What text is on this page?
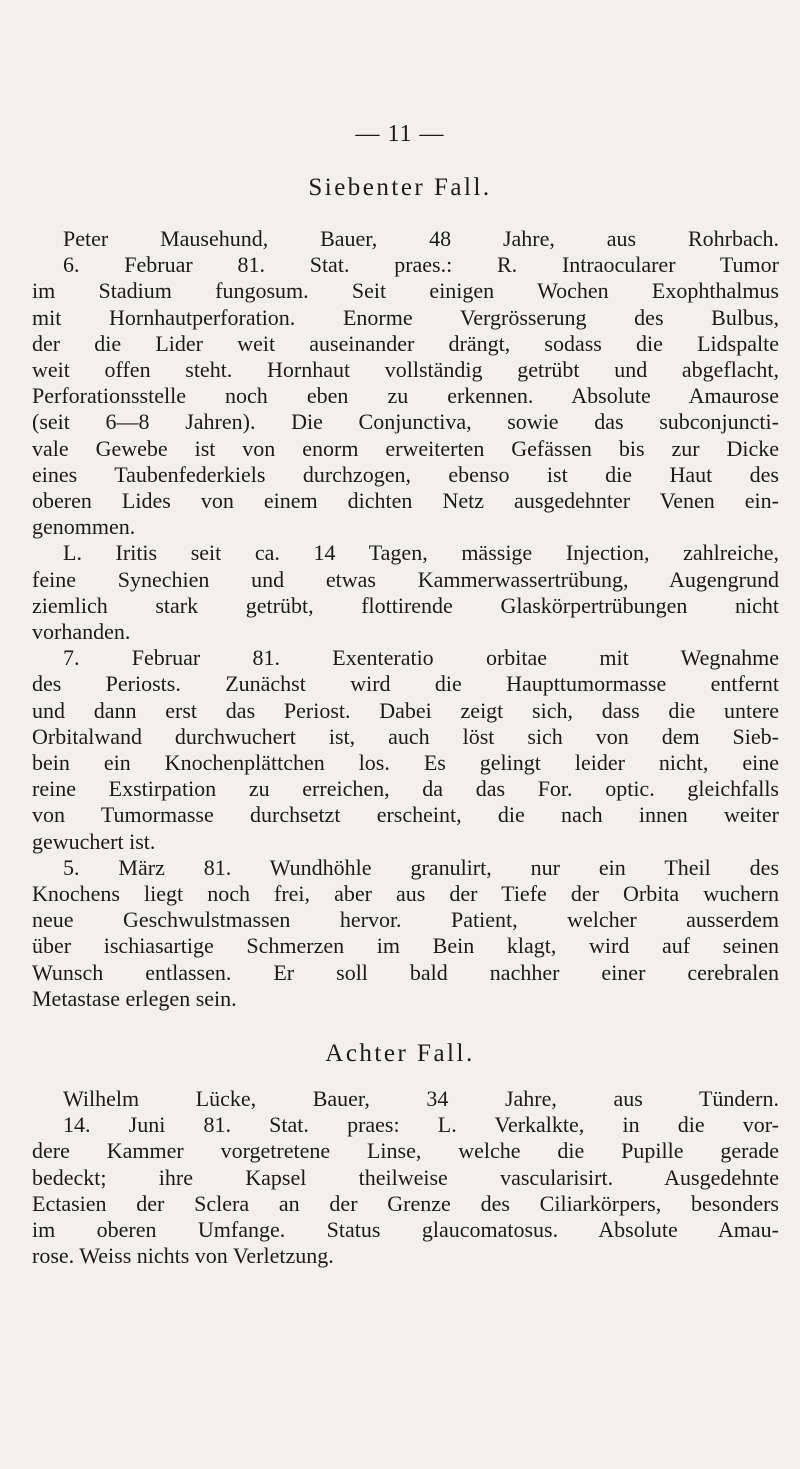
— 11 —
Siebenter Fall.
Peter Mausehund, Bauer, 48 Jahre, aus Rohrbach.
6. Februar 81. Stat. praes.: R. Intraocularer Tumor
im Stadium fungosum. Seit einigen Wochen Exophthalmus
mit Hornhautperforation. Enorme Vergrösserung des Bulbus,
der die Lider weit auseinander drängt, sodass die Lidspalte
weit offen steht. Hornhaut vollständig getrübt und abgeflacht,
Perforationsstelle noch eben zu erkennen. Absolute Amaurose
(seit 6—8 Jahren). Die Conjunctiva, sowie das subconjuncti-
vale Gewebe ist von enorm erweiterten Gefässen bis zur Dicke
eines Taubenfederkiels durchzogen, ebenso ist die Haut des
oberen Lides von einem dichten Netz ausgedehnter Venen ein-
genommen.
L. Iritis seit ca. 14 Tagen, mässige Injection, zahlreiche,
feine Synechien und etwas Kammerwassertrübung, Augengrund
ziemlich stark getrübt, flottirende Glaskörpertrübungen nicht
vorhanden.
7. Februar 81. Exenteratio orbitae mit Wegnahme
des Periosts. Zunächst wird die Haupttumormasse entfernt
und dann erst das Periost. Dabei zeigt sich, dass die untere
Orbitalwand durchwuchert ist, auch löst sich von dem Sieb-
bein ein Knochenplättchen los. Es gelingt leider nicht, eine
reine Exstirpation zu erreichen, da das For. optic. gleichfalls
von Tumormasse durchsetzt erscheint, die nach innen weiter
gewuchert ist.
5. März 81. Wundhöhle granulirt, nur ein Theil des
Knochens liegt noch frei, aber aus der Tiefe der Orbita wuchern
neue Geschwulstmassen hervor. Patient, welcher ausserdem
über ischiasartige Schmerzen im Bein klagt, wird auf seinen
Wunsch entlassen. Er soll bald nachher einer cerebralen
Metastase erlegen sein.
Achter Fall.
Wilhelm Lücke, Bauer, 34 Jahre, aus Tündern.
14. Juni 81. Stat. praes: L. Verkalkte, in die vor-
dere Kammer vorgetretene Linse, welche die Pupille gerade
bedeckt; ihre Kapsel theilweise vascularisirt. Ausgedehnte
Ectasien der Sclera an der Grenze des Ciliarkörpers, besonders
im oberen Umfange. Status glaucomatosus. Absolute Amau-
rose. Weiss nichts von Verletzung.
